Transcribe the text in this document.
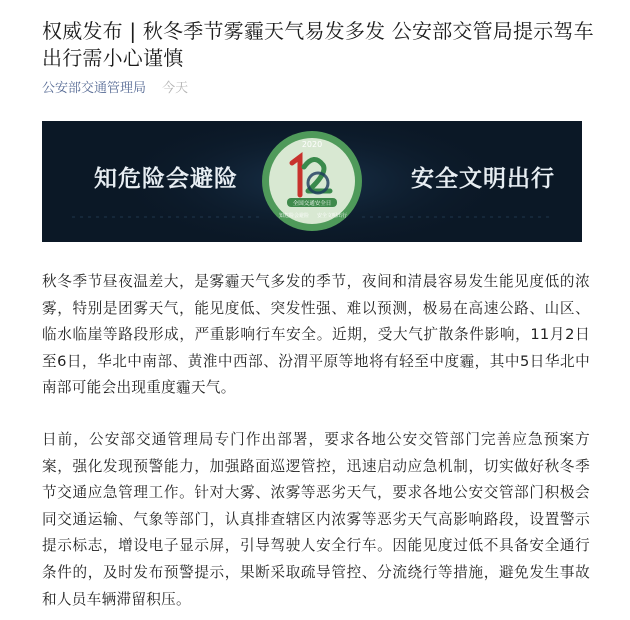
权威发布 | 秋冬季节雾霾天气易发多发 公安部交管局提示驾车出行需小心谨慎
公安部交通管理局 今天
2020
全国交通安全日
知危险会避险 安全文明出行
知危险会避险	安全文明出行
秋冬季节昼夜温差大，是雾霾天气多发的季节，夜间和清晨容易发生能见度低的浓雾，特别是团雾天气，能见度低、突发性强、难以预测，极易在高速公路、山区、临水临崖等路段形成，严重影响行车安全。近期，受大气扩散条件影响，11月2日至6日，华北中南部、黄淮中西部、汾渭平原等地将有轻至中度霾，其中5日华北中南部可能会出现重度霾天气。
日前，公安部交通管理局专门作出部署，要求各地公安交管部门完善应急预案方案，强化发现预警能力，加强路面巡逻管控，迅速启动应急机制，切实做好秋冬季节交通应急管理工作。针对大雾、浓雾等恶劣天气，要求各地公安交管部门积极会同交通运输、气象等部门，认真排查辖区内浓雾等恶劣天气高影响路段，设置警示提示标志，增设电子显示屏，引导驾驶人安全行车。因能见度过低不具备安全通行条件的，及时发布预警提示，果断采取疏导管控、分流绕行等措施，避免发生事故和人员车辆滞留积压。
